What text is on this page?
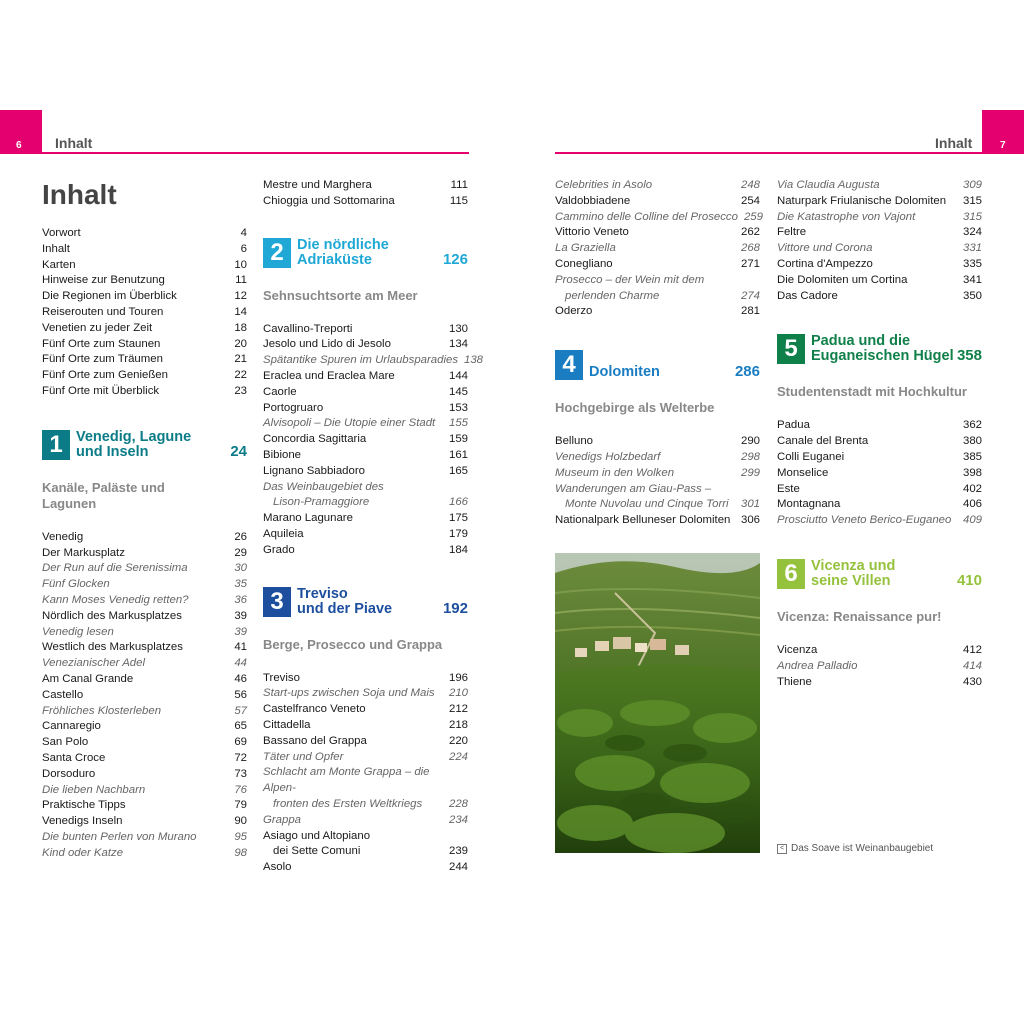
6 Inhalt	7
Inhalt
Inhalt
Vorwort	4
Inhalt	6
Karten	10
Hinweise zur Benutzung	11
Die Regionen im Überblick	12
Reiserouten und Touren	14
Venetien zu jeder Zeit	18
Fünf Orte zum Staunen	20
Fünf Orte zum Träumen	21
Fünf Orte zum Genießen	22
Fünf Orte mit Überblick	23
1 Venedig, Lagune
und Inseln	24
Kanäle, Paläste und
Lagunen
Venedig	26
Der Markusplatz	29
Der Run auf die Serenissima	30
Fünf Glocken	35
Kann Moses Venedig retten?	36
Nördlich des Markusplatzes	39
Venedig lesen	39
Westlich des Markusplatzes	41
Venezianischer Adel	44
Am Canal Grande	46
Castello	56
Fröhliches Klosterleben	57
Cannaregio	65
San Polo	69
Santa Croce	72
Dorsoduro	73
Die lieben Nachbarn	76
Praktische Tipps	79
Venedigs Inseln	90
Die bunten Perlen von Murano	95
Kind oder Katze	98
Mestre und Marghera	111
Chioggia und Sottomarina	115
2 Die nördliche
Adriaküste	126
Sehnsuchtsorte am Meer
Cavallino-Treporti	130
Jesolo und Lido di Jesolo	134
Spätantike Spuren im Urlaubsparadies 138
Eraclea und Eraclea Mare	144
Caorle	145
Portogruaro	153
Alvisopoli – Die Utopie einer Stadt	155
Concordia Sagittaria	159
Bibione	161
Lignano Sabbiadoro	165
Das Weinbaugebiet des
Lison-Pramaggiore	166
Marano Lagunare	175
Aquileia	179
Grado	184
3 Treviso
und der Piave	192
Berge, Prosecco und Grappa
Treviso	196
Start-ups zwischen Soja und Mais	210
Castelfranco Veneto	212
Cittadella	218
Bassano del Grappa	220
Täter und Opfer	224
Schlacht am Monte Grappa – die Alpen-
fronten des Ersten Weltkriegs	228
Grappa	234
Asiago und Altopiano
dei Sette Comuni	239
Asolo	244
Celebrities in Asolo	248
Valdobbiadene	254
Cammino delle Colline del Prosecco 259
Vittorio Veneto	262
La Graziella	268
Conegliano	271
Prosecco – der Wein mit dem
perlenden Charme	274
Oderzo	281
4 Dolomiten	286
Hochgebirge als Welterbe
Belluno	290
Venedigs Holzbedarf	298
Museum in den Wolken	299
Wanderungen am Giau-Pass –
Monte Nuvolau und Cinque Torri	301
Nationalpark Belluneser Dolomiten 306
Via Claudia Augusta	309
Naturpark Friulanische Dolomiten	315
Die Katastrophe von Vajont	315
Feltre	324
Vittore und Corona	331
Cortina d'Ampezzo	335
Die Dolomiten um Cortina	341
Das Cadore	350
5 Padua und die
Euganeischen Hügel 358
Studentenstadt mit Hochkultur
Padua	362
Canale del Brenta	380
Colli Euganei	385
Monselice	398
Este	402
Montagnana	406
Prosciutto Veneto Berico-Euganeo	409
6 Vicenza und
seine Villen	410
Vicenza: Renaissance pur!
Vicenza	412
Andrea Palladio	414
Thiene	430
< Das Soave ist Weinanbaugebiet
